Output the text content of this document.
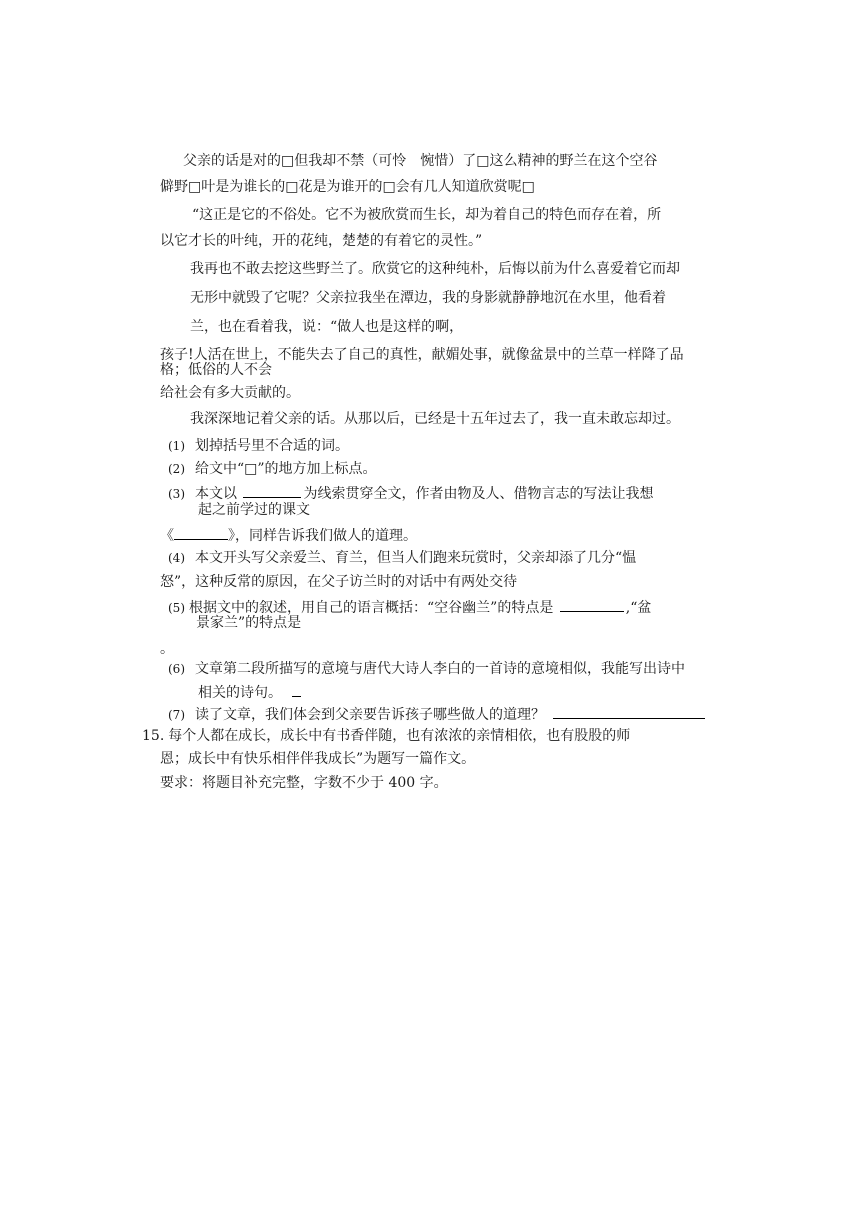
父亲的话是对的□但我却不禁（可怜　惋惜）了□这么精神的野兰在这个空谷
僻野□叶是为谁长的□花是为谁开的□会有几人知道欣赏呢□
“这正是它的不俗处。它不为被欣赏而生长，却为着自己的特色而存在着，所
以它才长的叶纯，开的花纯，楚楚的有着它的灵性。”
我再也不敢去挖这些野兰了。欣赏它的这种纯朴，后悔以前为什么喜爱着它而却
无形中就毁了它呢？父亲拉我坐在潭边，我的身影就静静地沉在水里，他看着
兰，也在看着我，说：“做人也是这样的啊，
孩子!人活在世上，不能失去了自己的真性，献媚处事，就像盆景中的兰草一样降了品
格；低俗的人不会
给社会有多大贡献的。
我深深地记着父亲的话。从那以后，已经是十五年过去了，我一直未敢忘却过。
(1) 划掉括号里不合适的词。
(2) 给文中“□”的地方加上标点。
(3) 本文以	为线索贯穿全文，作者由物及人、借物言志的写法让我想
起之前学过的课文
《	》，同样告诉我们做人的道理。
(4) 本文开头写父亲爱兰、育兰，但当人们跑来玩赏时，父亲却添了几分“愠
怒”，这种反常的原因，在父子访兰时的对话中有两处交待
(5) 根据文中的叙述，用自己的语言概括：“空谷幽兰”的特点是	,“盆
景家兰”的特点是
。
(6) 文章第二段所描写的意境与唐代大诗人李白的一首诗的意境相似，我能写出诗中
相关的诗句。
(7) 读了文章，我们体会到父亲要告诉孩子哪些做人的道理？
15. 每个人都在成长，成长中有书香伴随，也有浓浓的亲情相依，也有股股的师
恩；成长中有快乐相伴伴我成长”为题写一篇作文。
要求：将题目补充完整，字数不少于 400 字。
